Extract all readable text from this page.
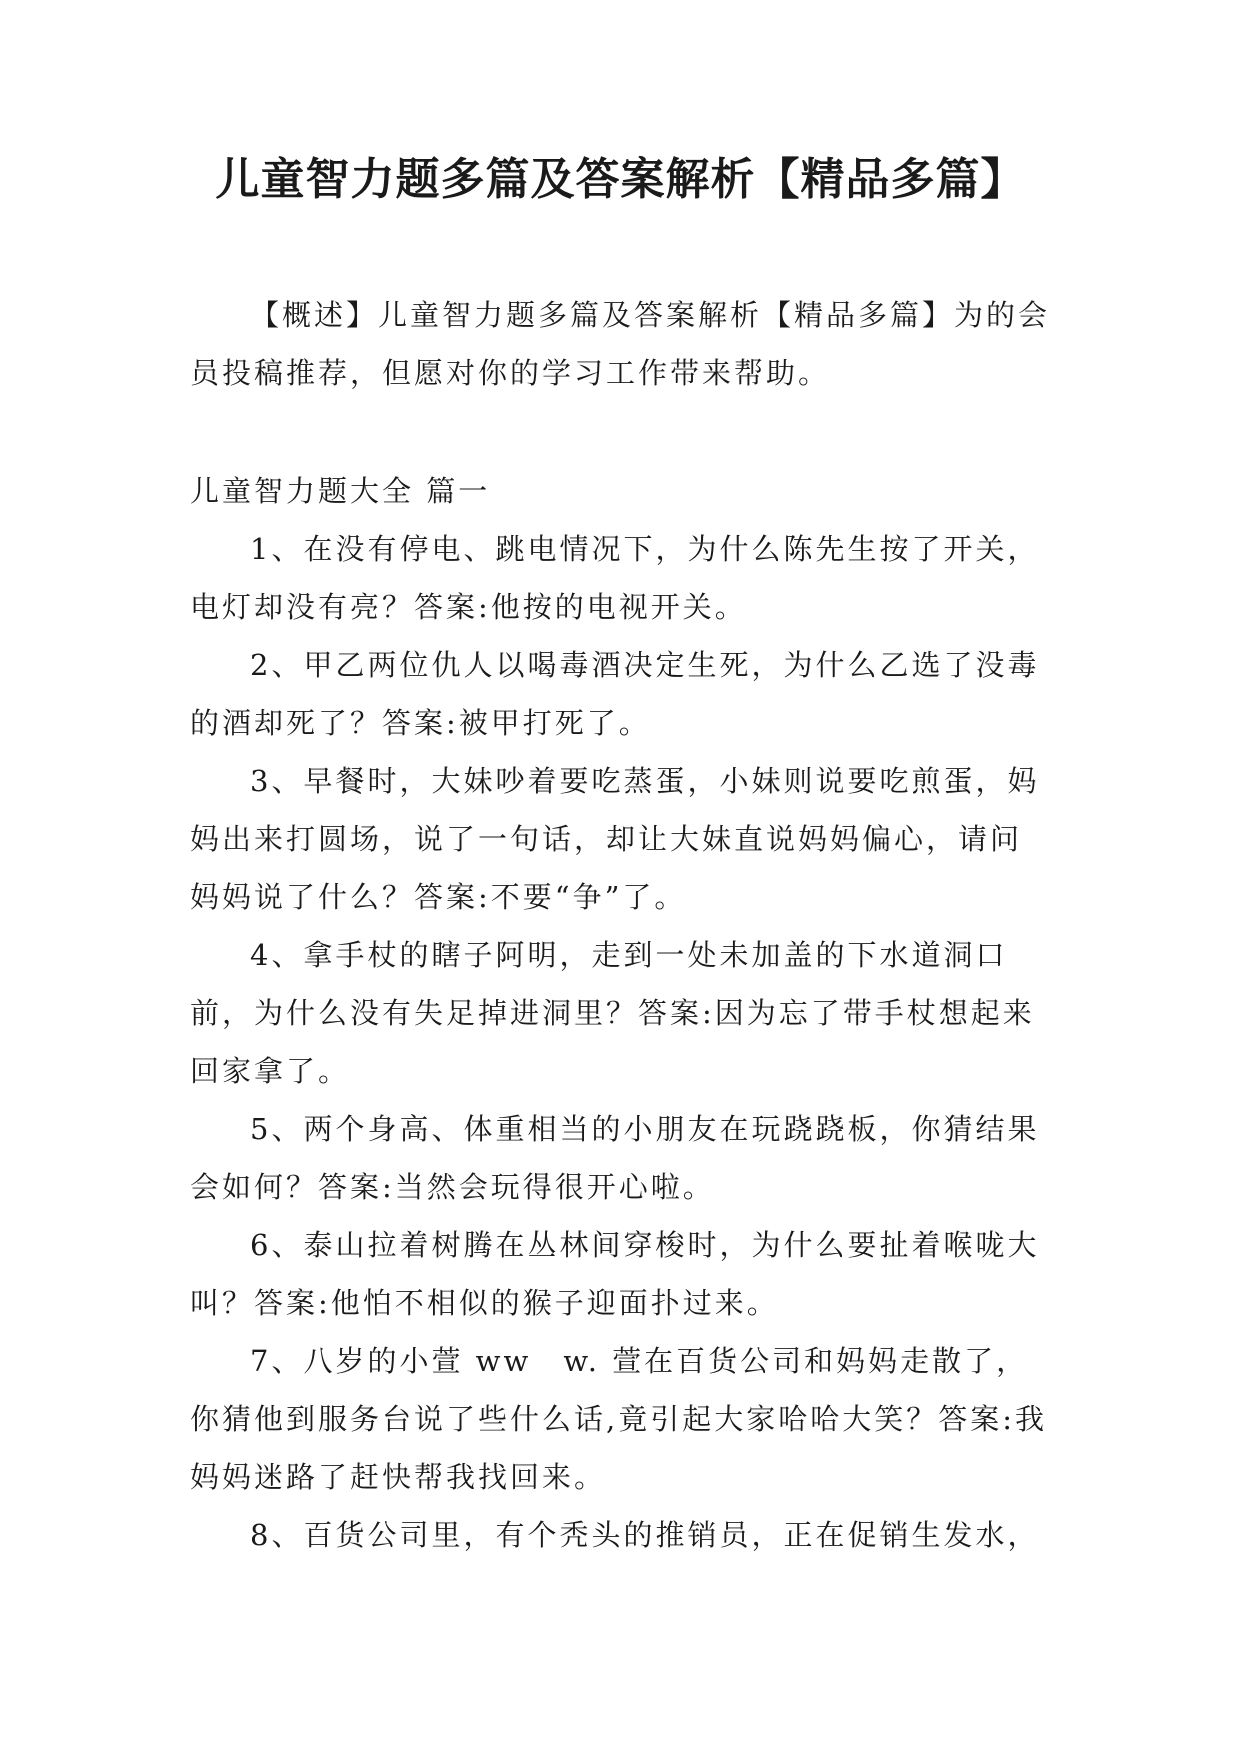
儿童智力题多篇及答案解析【精品多篇】

【概述】儿童智力题多篇及答案解析【精品多篇】为的会员投稿推荐，但愿对你的学习工作带来帮助。

儿童智力题大全 篇一

1、在没有停电、跳电情况下，为什么陈先生按了开关，电灯却没有亮？答案:他按的电视开关。

2、甲乙两位仇人以喝毒酒决定生死，为什么乙选了没毒的酒却死了？答案:被甲打死了。

3、早餐时，大妹吵着要吃蒸蛋，小妹则说要吃煎蛋，妈妈出来打圆场，说了一句话，却让大妹直说妈妈偏心，请问妈妈说了什么？答案:不要“争”了。

4、拿手杖的瞎子阿明，走到一处未加盖的下水道洞口前，为什么没有失足掉进洞里？答案:因为忘了带手杖想起来回家拿了。

5、两个身高、体重相当的小朋友在玩跷跷板，你猜结果会如何？答案:当然会玩得很开心啦。

6、泰山拉着树腾在丛林间穿梭时，为什么要扯着喉咙大叫？答案:他怕不相似的猴子迎面扑过来。

7、八岁的小萱 ww　w. 萱在百货公司和妈妈走散了，你猜他到服务台说了些什么话,竟引起大家哈哈大笑？答案:我妈妈迷路了赶快帮我找回来。

8、百货公司里，有个秃头的推销员，正在促销生发水，
